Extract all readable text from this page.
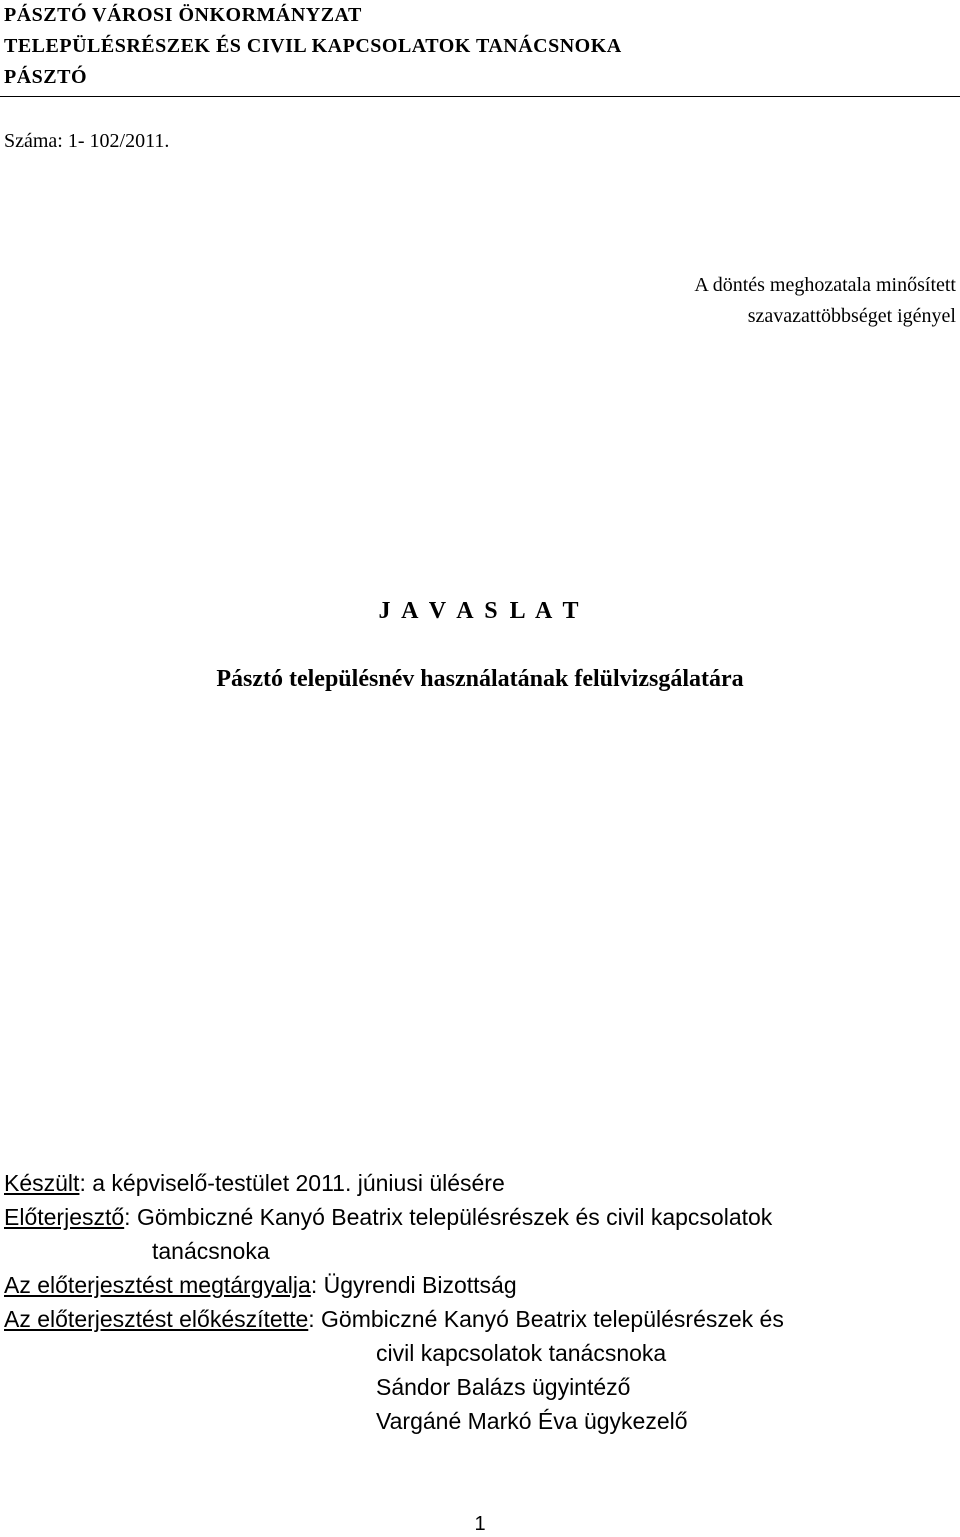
PÁSZTÓ VÁROSI ÖNKORMÁNYZAT
TELEPÜLÉSRÉSZEK ÉS CIVIL KAPCSOLATOK TANÁCSNOKA
PÁSZTÓ
Száma: 1- 102/2011.
A döntés meghozatala minősített
szavazattöbbséget igényel
J A V A S L A T
Pásztó településnév használatának felülvizsgálatára
Készült: a képviselő-testület 2011. júniusi ülésére
Előterjesztő: Gömbiczné Kanyó Beatrix településrészek és civil kapcsolatok
tanácsnoka
Az előterjesztést megtárgyalja: Ügyrendi Bizottság
Az előterjesztést előkészítette: Gömbiczné Kanyó Beatrix településrészek és
civil kapcsolatok tanácsnoka
Sándor Balázs ügyintéző
Vargáné Markó Éva ügykezelő
1
